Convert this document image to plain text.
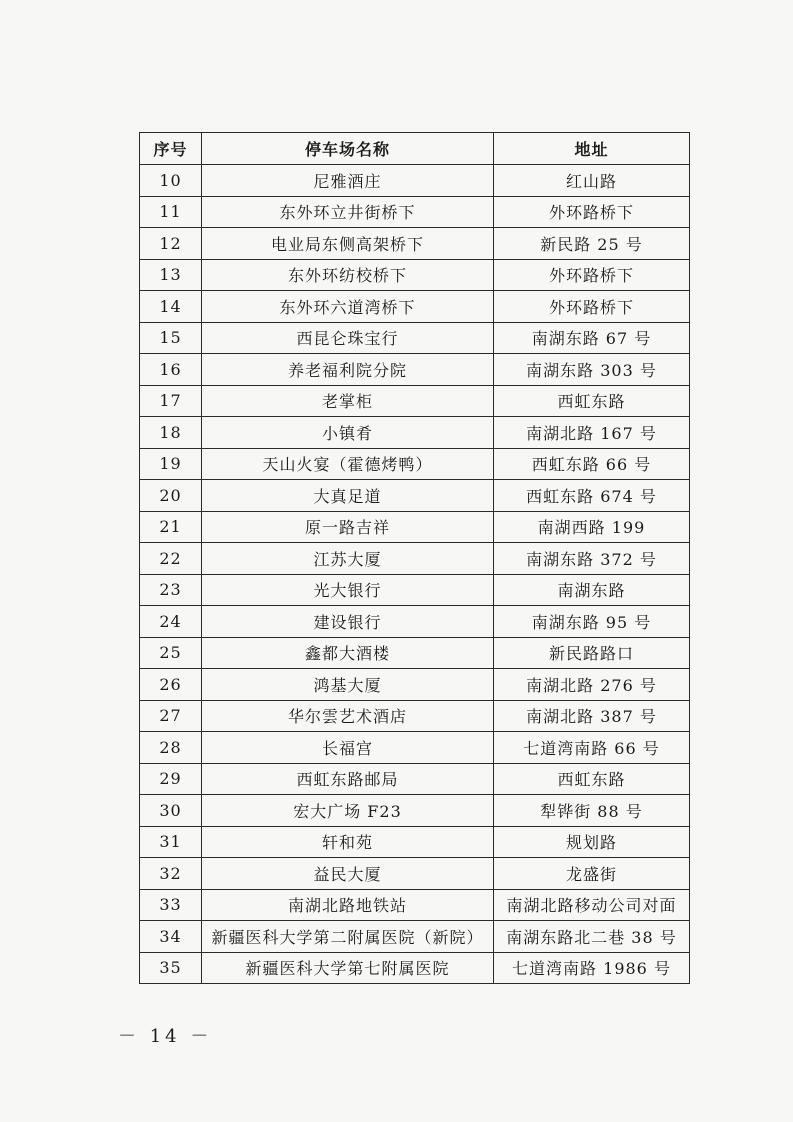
序号	停车场名称	地址
10	尼雅酒庄	红山路
11	东外环立井街桥下	外环路桥下
12	电业局东侧高架桥下	新民路 25 号
13	东外环纺校桥下	外环路桥下
14	东外环六道湾桥下	外环路桥下
15	西昆仑珠宝行	南湖东路 67 号
16	养老福利院分院	南湖东路 303 号
17	老掌柜	西虹东路
18	小镇肴	南湖北路 167 号
19	天山火宴（霍德烤鸭）	西虹东路 66 号
20	大真足道	西虹东路 674 号
21	原一路吉祥	南湖西路 199
22	江苏大厦	南湖东路 372 号
23	光大银行	南湖东路
24	建设银行	南湖东路 95 号
25	鑫都大酒楼	新民路路口
26	鸿基大厦	南湖北路 276 号
27	华尔雲艺术酒店	南湖北路 387 号
28	长福宫	七道湾南路 66 号
29	西虹东路邮局	西虹东路
30	宏大广场 F23	犁铧街 88 号
31	轩和苑	规划路
32	益民大厦	龙盛街
33	南湖北路地铁站	南湖北路移动公司对面
34	新疆医科大学第二附属医院（新院）	南湖东路北二巷 38 号
35	新疆医科大学第七附属医院	七道湾南路 1986 号
－ 14 －
